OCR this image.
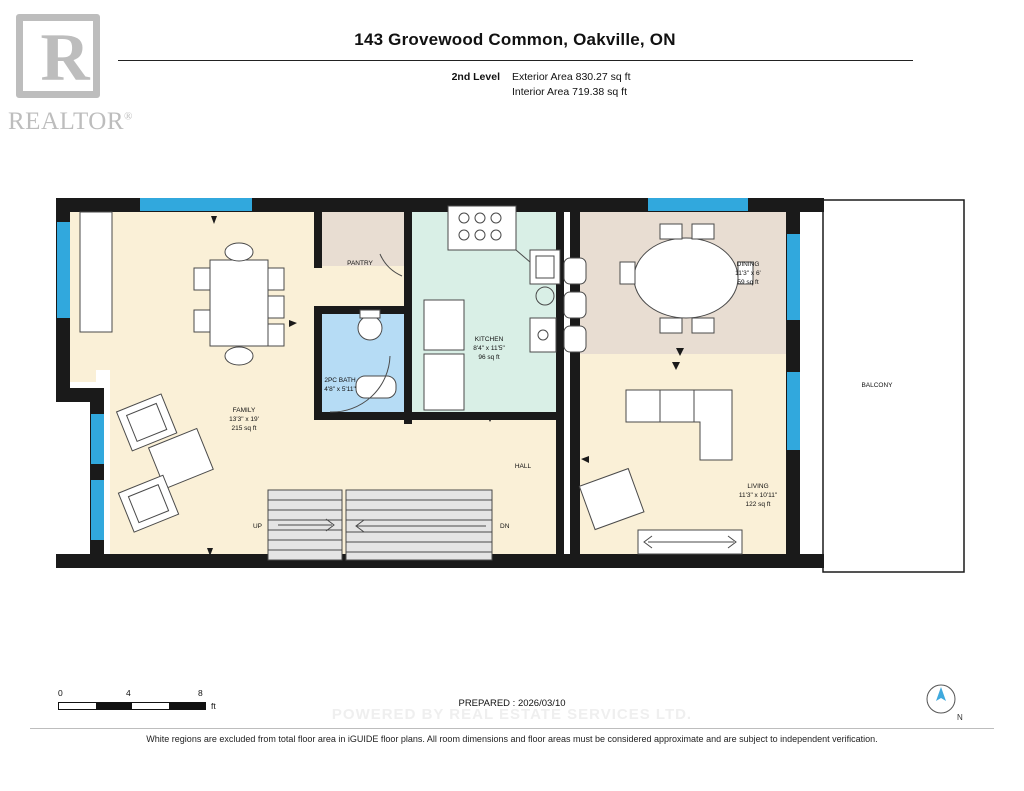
R
REALTOR®
143 Grovewood Common, Oakville, ON
2nd Level Exterior Area 830.27 sq ft
Interior Area 719.38 sq ft
BALCONY
PANTRY
2PC BATH
4'8" x 5'11"
KITCHEN
8'4" x 11'5"
96 sq ft
DINING
11'3" x 6'
59 sq ft
LIVING
11'3" x 10'11"
122 sq ft
FAMILY
13'3" x 19'
215 sq ft
HALL
UP	DN
0	4	8
ft	PREPARED : 2026/03/10
N
POWERED BY REAL ESTATE SERVICES LTD.
White regions are excluded from total floor area in iGUIDE floor plans. All room dimensions and floor areas must be considered approximate and are subject to independent verification.
